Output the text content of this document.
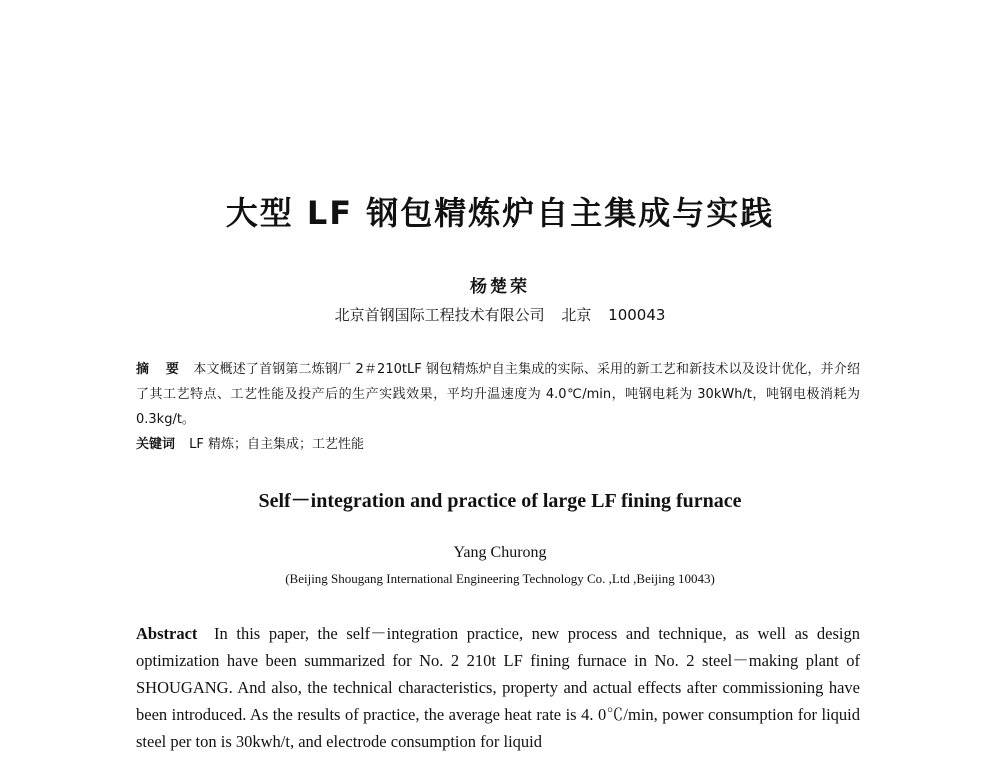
大型 LF 钢包精炼炉自主集成与实践
杨楚荣
北京首钢国际工程技术有限公司 北京 100043
摘 要 本文概述了首钢第二炼钢厂 2＃210tLF 钢包精炼炉自主集成的实际、采用的新工艺和新技术以及设计优化，并介绍了其工艺特点、工艺性能及投产后的生产实践效果，平均升温速度为 4.0℃/min，吨钢电耗为 30kWh/t，吨钢电极消耗为 0.3kg/t。
关键词 LF 精炼；自主集成；工艺性能
Self－integration and practice of large LF fining furnace
Yang Churong
(Beijing Shougang International Engineering Technology Co. ,Ltd ,Beijing 10043)
Abstract In this paper, the self－integration practice, new process and technique, as well as design optimization have been summarized for No. 2 210t LF fining furnace in No. 2 steel－making plant of SHOUGANG. And also, the technical characteristics, property and actual effects after commissioning have been introduced. As the results of practice, the average heat rate is 4. 0℃/min, power consumption for liquid steel per ton is 30kwh/t, and electrode consumption for liquid
